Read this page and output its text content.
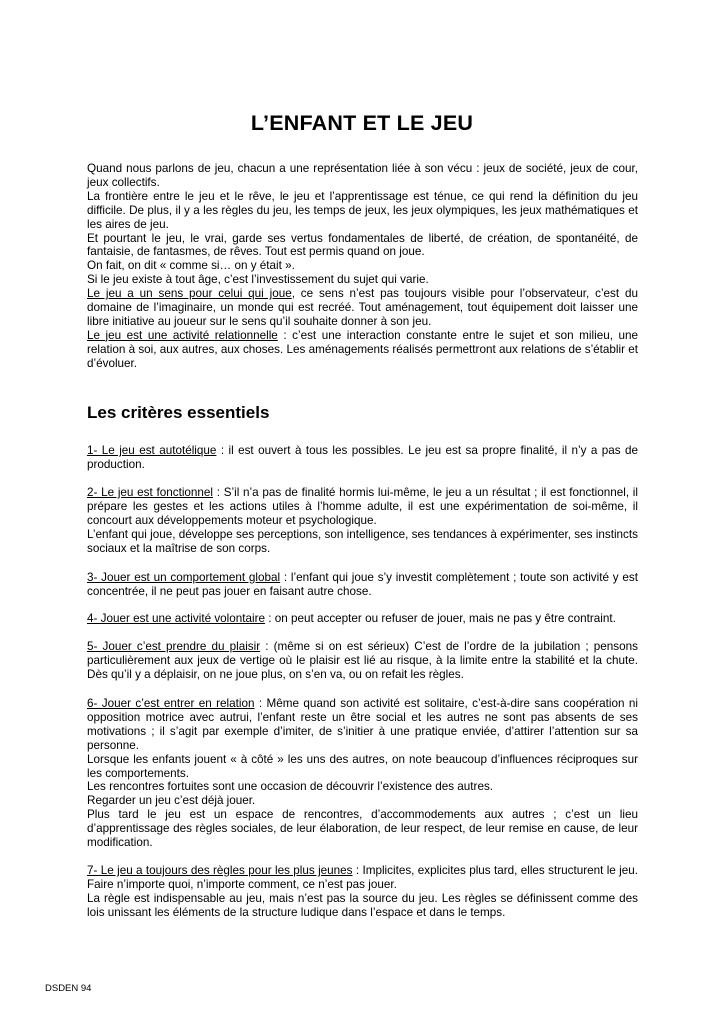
L’ENFANT ET LE JEU

Quand nous parlons de jeu, chacun a une représentation liée à son vécu : jeux de société, jeux de cour, jeux collectifs.

La frontière entre le jeu et le rêve, le jeu et l’apprentissage est ténue, ce qui rend la définition du jeu difficile. De plus, il y a les règles du jeu, les temps de jeux, les jeux olympiques, les jeux mathématiques et les aires de jeu.

Et pourtant le jeu, le vrai, garde ses vertus fondamentales de liberté, de création, de spontanéité, de fantaisie, de fantasmes, de rêves. Tout est permis quand on joue.

On fait, on dit « comme si… on y était ».

Si le jeu existe à tout âge, c’est l’investissement du sujet qui varie.

Le jeu a un sens pour celui qui joue, ce sens n’est pas toujours visible pour l’observateur, c’est du domaine de l’imaginaire, un monde qui est recréé. Tout aménagement, tout équipement doit laisser une libre initiative au joueur sur le sens qu’il souhaite donner à son jeu.

Le jeu est une activité relationnelle : c’est une interaction constante entre le sujet et son milieu, une relation à soi, aux autres, aux choses. Les aménagements réalisés permettront aux relations de s’établir et d’évoluer.

Les critères essentiels

1- Le jeu est autotélique : il est ouvert à tous les possibles. Le jeu est sa propre finalité, il n’y a pas de production.

2- Le jeu est fonctionnel : S’il n’a pas de finalité hormis lui-même, le jeu a un résultat ; il est fonctionnel, il prépare les gestes et les actions utiles à l’homme adulte, il est une expérimentation de soi-même, il concourt aux développements moteur et psychologique.

L’enfant qui joue, développe ses perceptions, son intelligence, ses tendances à expérimenter, ses instincts sociaux et la maîtrise de son corps.

3- Jouer est un comportement global : l’enfant qui joue s’y investit complètement ; toute son activité y est concentrée, il ne peut pas jouer en faisant autre chose.

4- Jouer est une activité volontaire : on peut accepter ou refuser de jouer, mais ne pas y être contraint.

5- Jouer c’est prendre du plaisir : (même si on est sérieux) C’est de l’ordre de la jubilation ; pensons particulièrement aux jeux de vertige où le plaisir est lié au risque, à la limite entre la stabilité et la chute. Dès qu’il y a déplaisir, on ne joue plus, on s’en va, ou on refait les règles.

6- Jouer c’est entrer en relation : Même quand son activité est solitaire, c’est-à-dire sans coopération ni opposition motrice avec autrui, l’enfant reste un être social et les autres ne sont pas absents de ses motivations ; il s’agit par exemple d’imiter, de s’initier à une pratique enviée, d’attirer l’attention sur sa personne.

Lorsque les enfants jouent « à côté » les uns des autres, on note beaucoup d’influences réciproques sur les comportements.

Les rencontres fortuites sont une occasion de découvrir l’existence des autres.

Regarder un jeu c’est déjà jouer.

Plus tard le jeu est un espace de rencontres, d’accommodements aux autres ; c’est un lieu d’apprentissage des règles sociales, de leur élaboration, de leur respect, de leur remise en cause, de leur modification.

7- Le jeu a toujours des règles pour les plus jeunes : Implicites, explicites plus tard, elles structurent le jeu. Faire n’importe quoi, n’importe comment, ce n’est pas jouer.

La règle est indispensable au jeu, mais n’est pas la source du jeu. Les règles se définissent comme des lois unissant les éléments de la structure ludique dans l’espace et dans le temps.

DSDEN 94
